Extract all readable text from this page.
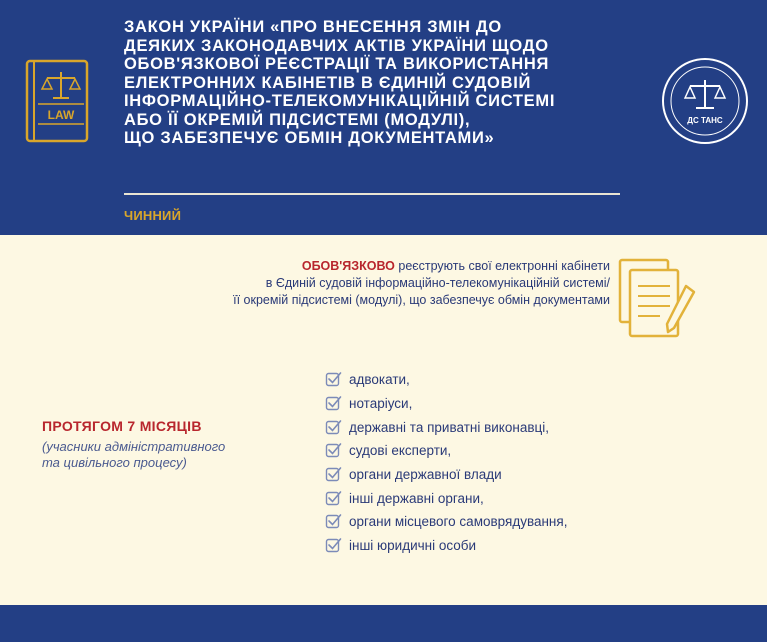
LAW
ЗАКОН УКРАЇНИ «ПРО ВНЕСЕННЯ ЗМІН ДО
ДЕЯКИХ ЗАКОНОДАВЧИХ АКТІВ УКРАЇНИ ЩОДО
ОБОВ'ЯЗКОВОЇ РЕЄСТРАЦІЇ ТА ВИКОРИСТАННЯ
ЕЛЕКТРОННИХ КАБІНЕТІВ В ЄДИНІЙ СУДОВІЙ
ІНФОРМАЦІЙНО-ТЕЛЕКОМУНІКАЦІЙНІЙ СИСТЕМІ
АБО ЇЇ ОКРЕМІЙ ПІДСИСТЕМІ (МОДУЛІ),
ЩО ЗАБЕЗПЕЧУЄ ОБМІН ДОКУМЕНТАМИ»
ЧИННИЙ
ДС ТАНС
ОБОВ'ЯЗКОВО реєструють свої електронні кабінети
в Єдиній судовій інформаційно-телекомунікаційній системі/
її окремій підсистемі (модулі), що забезпечує обмін документами
ПРОТЯГОМ 7 МІСЯЦІВ
(учасники адміністративного
та цивільного процесу)
адвокати,
нотаріуси,
державні та приватні виконавці,
судові експерти,
органи державної влади
інші державні органи,
органи місцевого самоврядування,
інші юридичні особи
